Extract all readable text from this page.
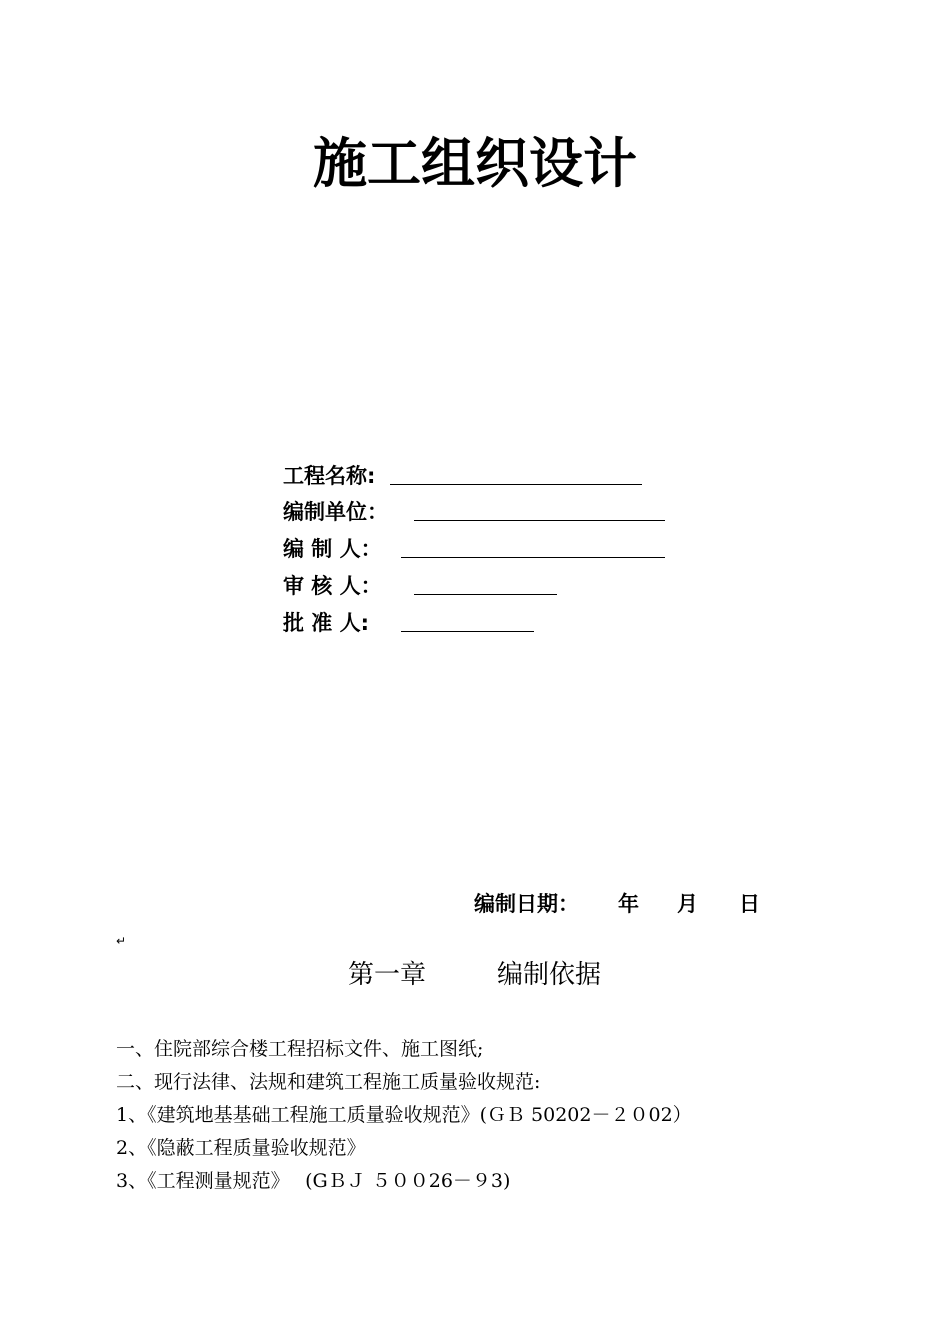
施工组织设计
工程名称:
编制单位：
编 制 人：
审 核 人：
批 准 人:
编制日期： 年 月 日
↵
第一章	编制依据
一、住院部综合楼工程招标文件、施工图纸;
二、现行法律、法规和建筑工程施工质量验收规范:
1、《建筑地基基础工程施工质量验收规范》(ＧＢ 50202－２０02）
2、《隐蔽工程质量验收规范》
3、《工程测量规范》　 (GＢＪ ５００26－９3)
